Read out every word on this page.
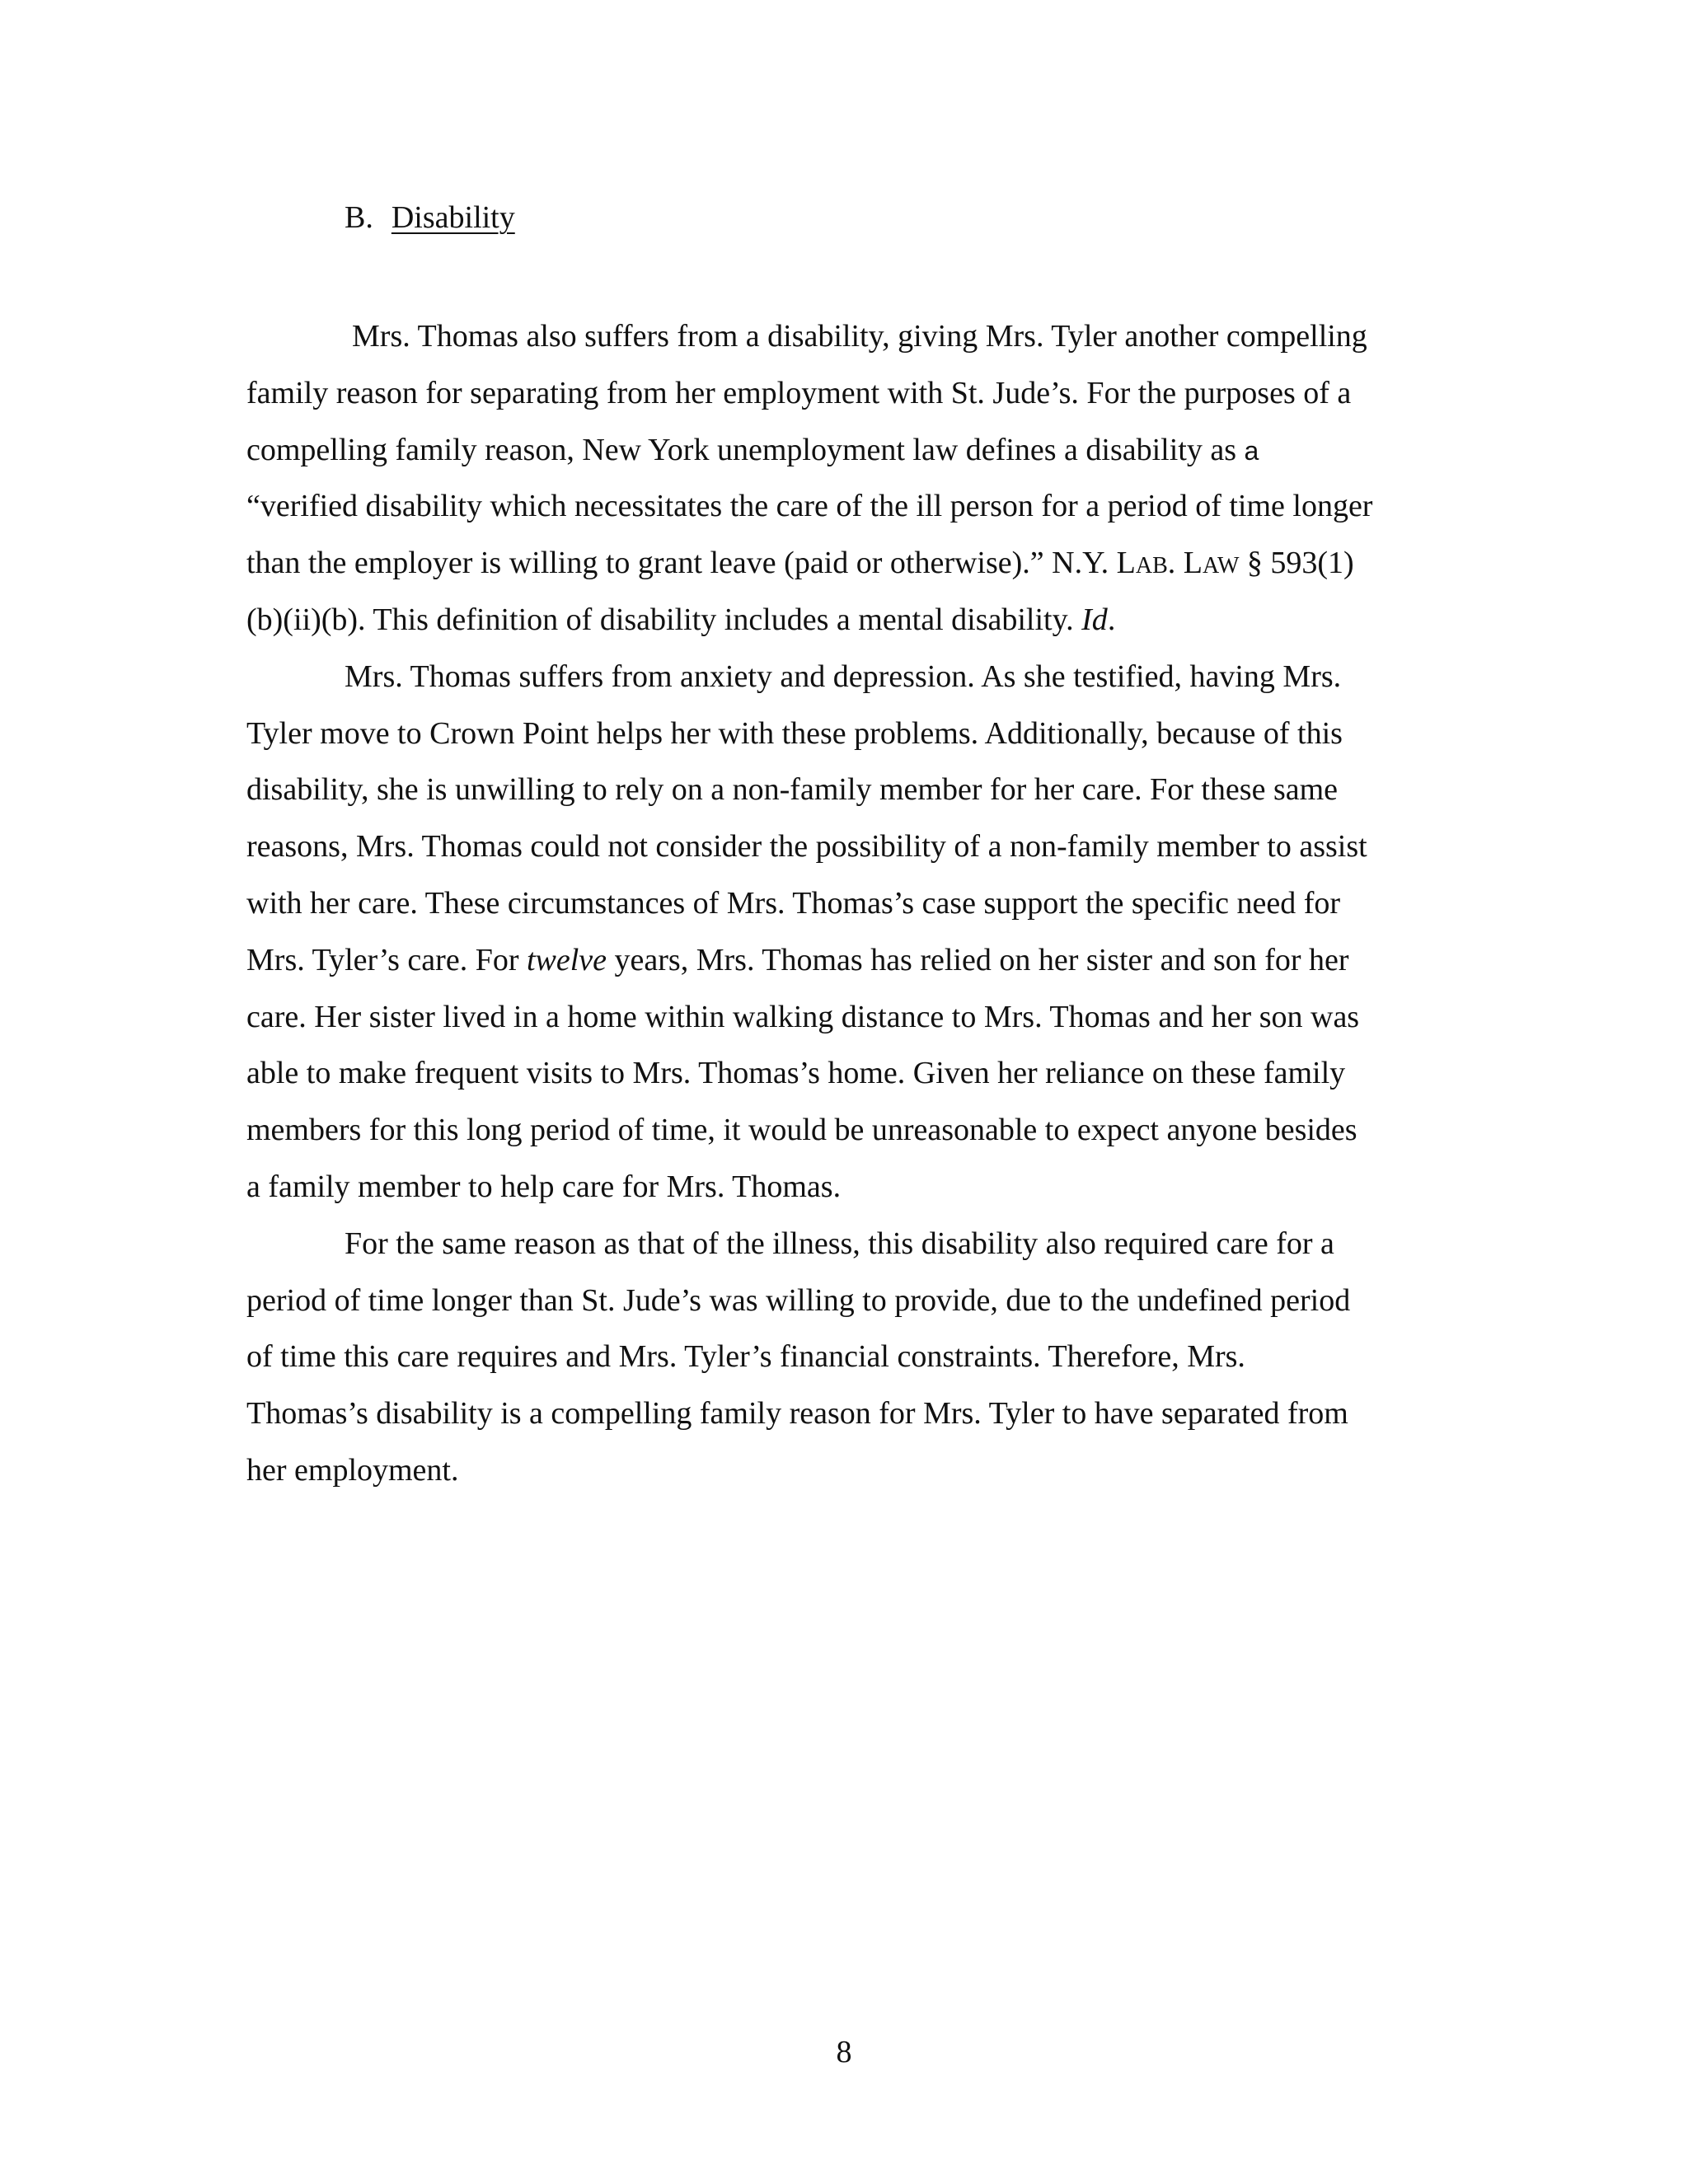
B. Disability
Mrs. Thomas also suffers from a disability, giving Mrs. Tyler another compelling
family reason for separating from her employment with St. Jude’s. For the purposes of a
compelling family reason, New York unemployment law defines a disability as a
“verified disability which necessitates the care of the ill person for a period of time longer
than the employer is willing to grant leave (paid or otherwise).” N.Y. LAB. LAW § 593(1)
(b)(ii)(b). This definition of disability includes a mental disability. Id.
Mrs. Thomas suffers from anxiety and depression. As she testified, having Mrs.
Tyler move to Crown Point helps her with these problems. Additionally, because of this
disability, she is unwilling to rely on a non-family member for her care. For these same
reasons, Mrs. Thomas could not consider the possibility of a non-family member to assist
with her care. These circumstances of Mrs. Thomas’s case support the specific need for
Mrs. Tyler’s care. For twelve years, Mrs. Thomas has relied on her sister and son for her
care. Her sister lived in a home within walking distance to Mrs. Thomas and her son was
able to make frequent visits to Mrs. Thomas’s home. Given her reliance on these family
members for this long period of time, it would be unreasonable to expect anyone besides
a family member to help care for Mrs. Thomas.
For the same reason as that of the illness, this disability also required care for a
period of time longer than St. Jude’s was willing to provide, due to the undefined period
of time this care requires and Mrs. Tyler’s financial constraints. Therefore, Mrs.
Thomas’s disability is a compelling family reason for Mrs. Tyler to have separated from
her employment.
8
